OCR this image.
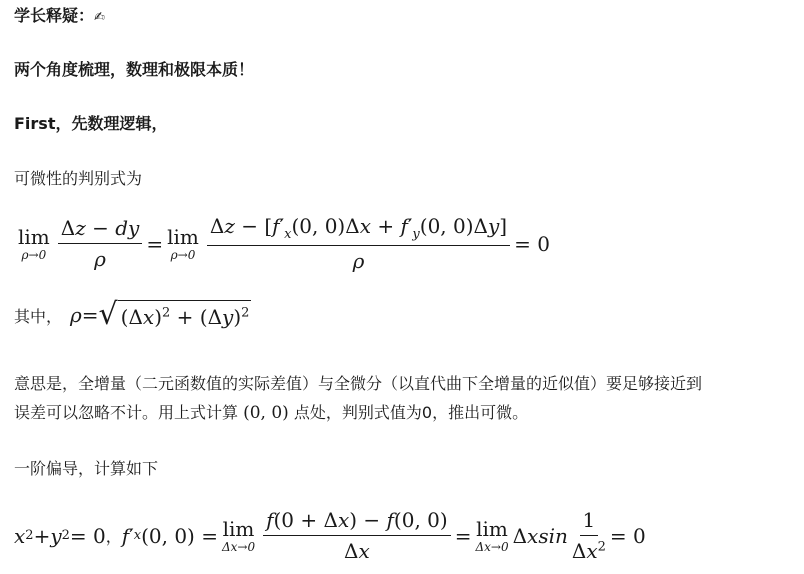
学长释疑：✍
两个角度梳理，数理和极限本质！
First，先数理逻辑，
可微性的判别式为
lim
$\rho\to 0 \frac{\Delta z - dy}{\rho} = \lim$
$\rho\to 0 \frac{\Delta z - [f'_x(0, 0)\Delta x + f'_y(0, 0)\Delta y]}{\rho} = 0$
其中， ρ = √ $(\Delta x)^2 + (\Delta y)^2$
意思是，全增量（二元函数值的实际差值）与全微分（以直代曲下全增量的近似值）要足够接近到
误差可以忽略不计。用上式计算 (0, 0) 点处，判别式值为0，推出可微。
一阶偏导，计算如下
x 2 + y 2 = 0 ， f ′ x (0, 0) = lim
$\Delta x\to 0 \frac{f(0 + \Delta x) - f(0, 0)}{\Delta x} = \lim$
Δx→0 Δxsin $\frac{1}{\Delta x^2} = 0$
